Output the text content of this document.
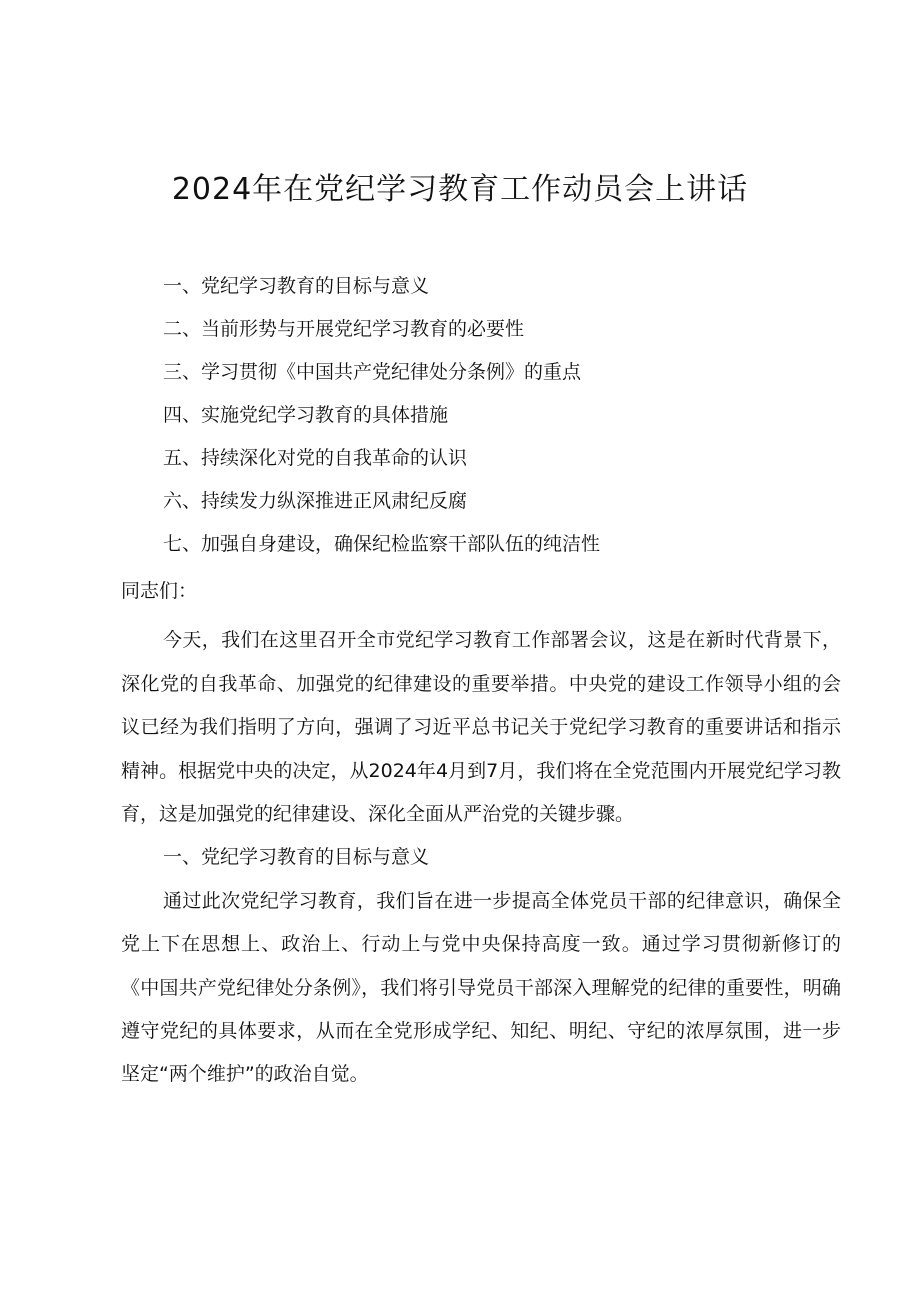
2024年在党纪学习教育工作动员会上讲话
一、党纪学习教育的目标与意义
二、当前形势与开展党纪学习教育的必要性
三、学习贯彻《中国共产党纪律处分条例》的重点
四、实施党纪学习教育的具体措施
五、持续深化对党的自我革命的认识
六、持续发力纵深推进正风肃纪反腐
七、加强自身建设，确保纪检监察干部队伍的纯洁性

同志们：

今天，我们在这里召开全市党纪学习教育工作部署会议，这是在新时代背景下，深化党的自我革命、加强党的纪律建设的重要举措。中央党的建设工作领导小组的会议已经为我们指明了方向，强调了习近平总书记关于党纪学习教育的重要讲话和指示精神。根据党中央的决定，从2024年4月到7月，我们将在全党范围内开展党纪学习教育，这是加强党的纪律建设、深化全面从严治党的关键步骤。

一、党纪学习教育的目标与意义

通过此次党纪学习教育，我们旨在进一步提高全体党员干部的纪律意识，确保全党上下在思想上、政治上、行动上与党中央保持高度一致。通过学习贯彻新修订的《中国共产党纪律处分条例》，我们将引导党员干部深入理解党的纪律的重要性，明确遵守党纪的具体要求，从而在全党形成学纪、知纪、明纪、守纪的浓厚氛围，进一步坚定“两个维护”的政治自觉。
